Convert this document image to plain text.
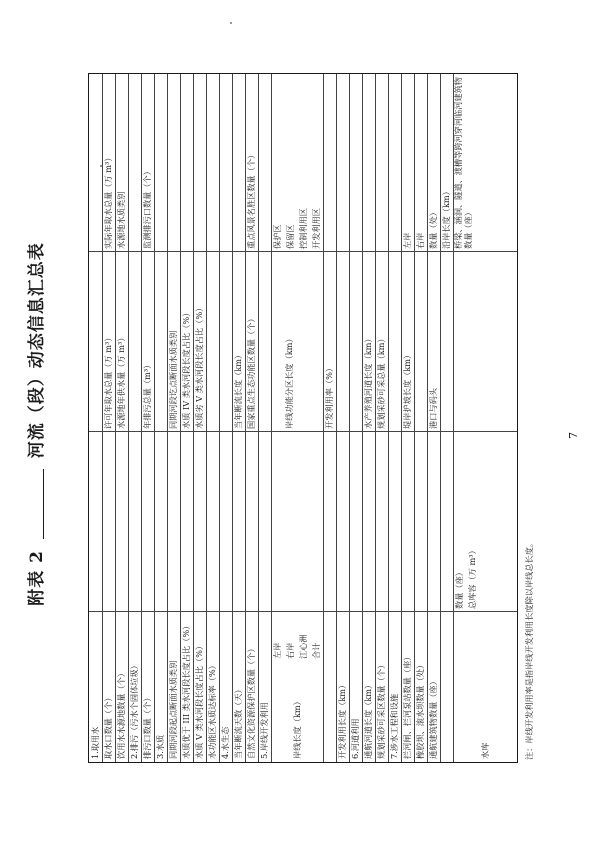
附表 2  河流（段）动态信息汇总表
1.取用水 取水口数量（个）
许可年取水总量（万 m³）
实际年取水总量（万 m³）
饮用水水源地数量（个）
水源地年供水量（万 m³）
水源地水质类别
2.排污（污水个固体垃圾） 排污口数量（个）
年排污总量（m³）
监测排污口数量（个）
3.水质 同期河段起点断面水质类别
同期河段讫点断面水质类别
水质优于 III 类水河段长度占比（%）
水质 IV 类水河段长度占比（%）
水质 V 类水河段长度占比（%）
水质劣 V 类水河段长度占比（%）
水功能区水质达标率（%） 4.水生态 当年断流天数（天）
当年断流长度（km）
自然文化资源保护区数量（个）
国家重点生态功能区数量（个）
重点风景名胜区数量（个）
5.岸线开发利用	岸线长度（km）
左岸 右岸 江心洲 合计
岸线功能分区长度（km）
保护区 保留区 控制利用区 开发利用区
开发利用率（%）
开发利用长度（km） 6.河道利用 通航河道长度（km）
水产养殖河道长度（km）
规划采砂可采区数量（个）
规划采砂可采总量（km）
7.涉水工程和设施 拦河闸、拦河泵站数量（座）
堤岸护坡长度（km）
左岸
橡胶坝、滚水坝数量（处）
右岸
通航建筑物数量（座）
港口与码头
数量（处） 沿岸长度（km）
水库
数量（座） 总库容（万 m³）
桥梁、涵洞、隧道、渡槽等跨河穿河临河建筑物数量（座）
注：岸线开发利用率是指岸线开发利用长度除以岸线总长度。
7
